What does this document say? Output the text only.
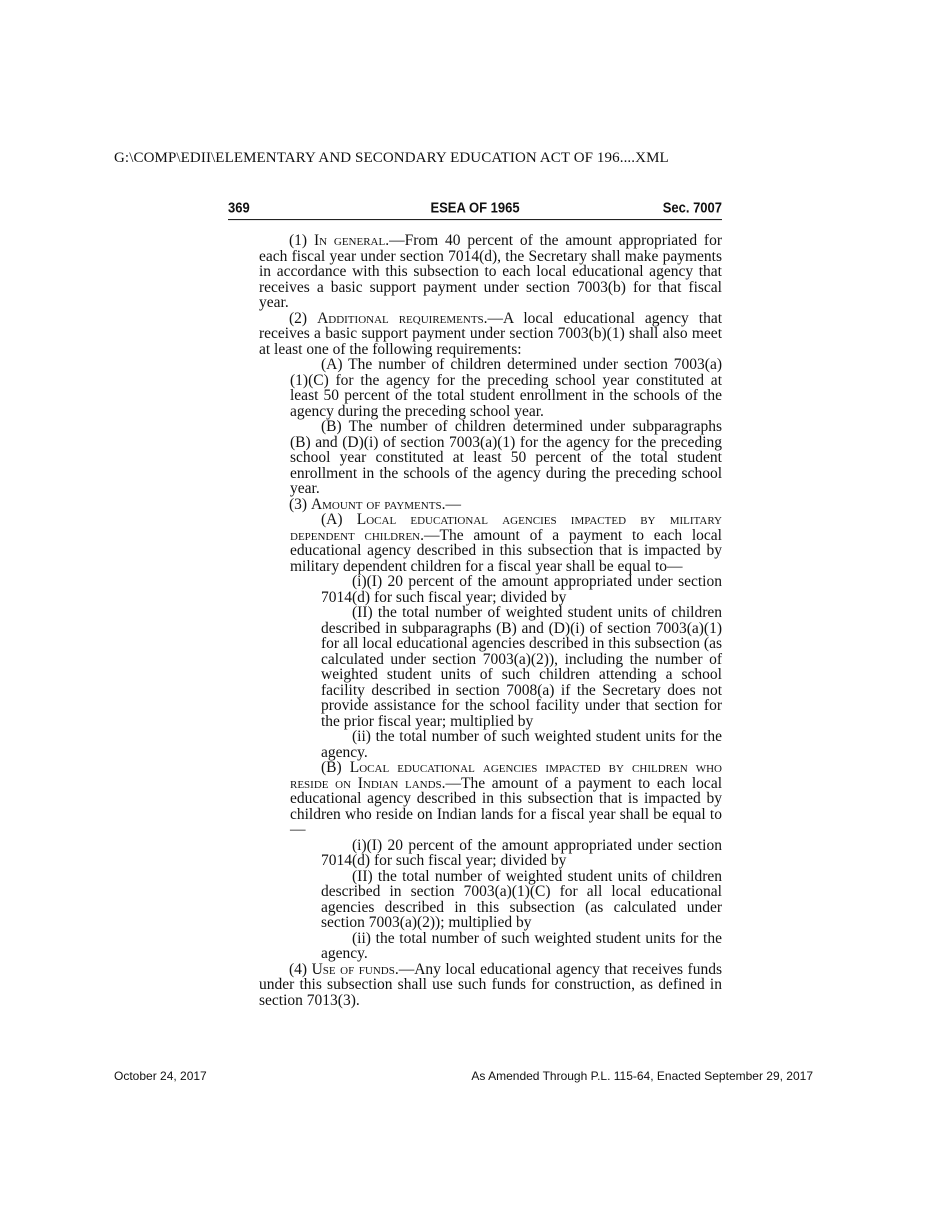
G:\COMP\EDII\ELEMENTARY AND SECONDARY EDUCATION ACT OF 196....XML
369	ESEA OF 1965	Sec. 7007

(1) In general.—From 40 percent of the amount appropriated for each fiscal year under section 7014(d), the Secretary shall make payments in accordance with this subsection to each local educational agency that receives a basic support payment under section 7003(b) for that fiscal year.

(2) Additional requirements.—A local educational agency that receives a basic support payment under section 7003(b)(1) shall also meet at least one of the following requirements:

(A) The number of children determined under section 7003(a)(1)(C) for the agency for the preceding school year constituted at least 50 percent of the total student enrollment in the schools of the agency during the preceding school year.

(B) The number of children determined under subparagraphs (B) and (D)(i) of section 7003(a)(1) for the agency for the preceding school year constituted at least 50 percent of the total student enrollment in the schools of the agency during the preceding school year.

(3) Amount of payments.—

(A) Local educational agencies impacted by military dependent children.—The amount of a payment to each local educational agency described in this subsection that is impacted by military dependent children for a fiscal year shall be equal to—

(i)(I) 20 percent of the amount appropriated under section 7014(d) for such fiscal year; divided by

(II) the total number of weighted student units of children described in subparagraphs (B) and (D)(i) of section 7003(a)(1) for all local educational agencies described in this subsection (as calculated under section 7003(a)(2)), including the number of weighted student units of such children attending a school facility described in section 7008(a) if the Secretary does not provide assistance for the school facility under that section for the prior fiscal year; multiplied by

(ii) the total number of such weighted student units for the agency.

(B) Local educational agencies impacted by children who reside on Indian lands.—The amount of a payment to each local educational agency described in this subsection that is impacted by children who reside on Indian lands for a fiscal year shall be equal to—

(i)(I) 20 percent of the amount appropriated under section 7014(d) for such fiscal year; divided by

(II) the total number of weighted student units of children described in section 7003(a)(1)(C) for all local educational agencies described in this subsection (as calculated under section 7003(a)(2)); multiplied by

(ii) the total number of such weighted student units for the agency.

(4) Use of funds.—Any local educational agency that receives funds under this subsection shall use such funds for construction, as defined in section 7013(3).

October 24, 2017	As Amended Through P.L. 115-64, Enacted September 29, 2017
